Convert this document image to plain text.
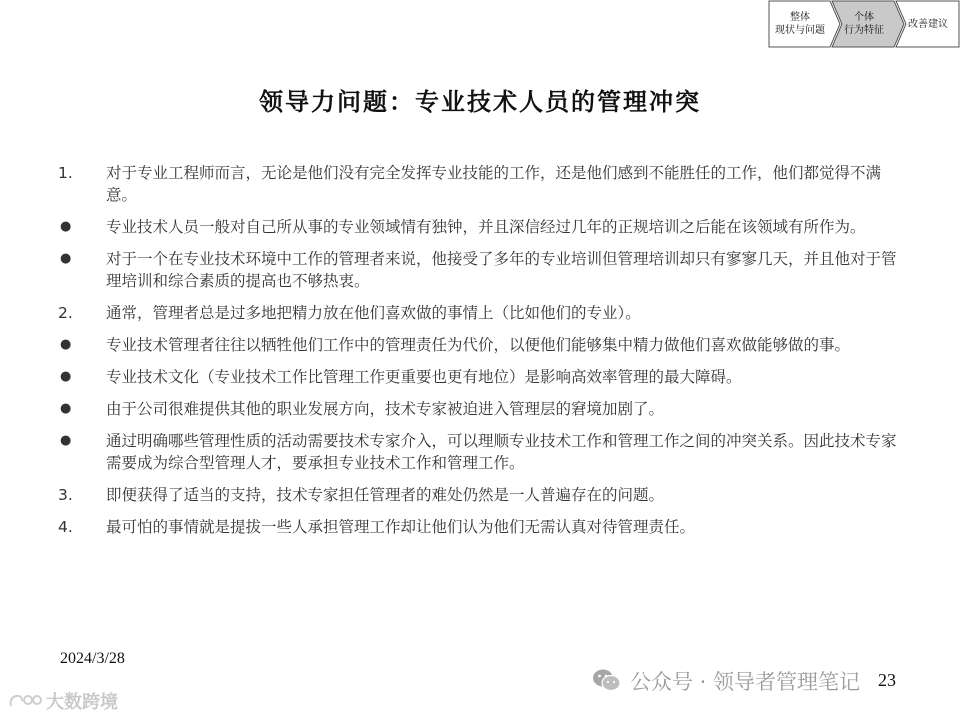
整体
现状与问题
个体
行为特征
改善建议
领导力问题：专业技术人员的管理冲突
1.	对于专业工程师而言，无论是他们没有完全发挥专业技能的工作，还是他们感到不能胜任的工作，他们都觉得不满意。
●	专业技术人员一般对自己所从事的专业领域情有独钟，并且深信经过几年的正规培训之后能在该领域有所作为。
●	对于一个在专业技术环境中工作的管理者来说，他接受了多年的专业培训但管理培训却只有寥寥几天，并且他对于管理培训和综合素质的提高也不够热衷。
2.	通常，管理者总是过多地把精力放在他们喜欢做的事情上（比如他们的专业）。
●	专业技术管理者往往以牺牲他们工作中的管理责任为代价，以便他们能够集中精力做他们喜欢做能够做的事。
●	专业技术文化（专业技术工作比管理工作更重要也更有地位）是影响高效率管理的最大障碍。
●	由于公司很难提供其他的职业发展方向，技术专家被迫进入管理层的窘境加剧了。
●	通过明确哪些管理性质的活动需要技术专家介入，可以理顺专业技术工作和管理工作之间的冲突关系。因此技术专家需要成为综合型管理人才，要承担专业技术工作和管理工作。
3.	即便获得了适当的支持，技术专家担任管理者的难处仍然是一人普遍存在的问题。
4.	最可怕的事情就是提拔一些人承担管理工作却让他们认为他们无需认真对待管理责任。
2024/3/28
公众号 · 领导者管理笔记 23
大数跨境
